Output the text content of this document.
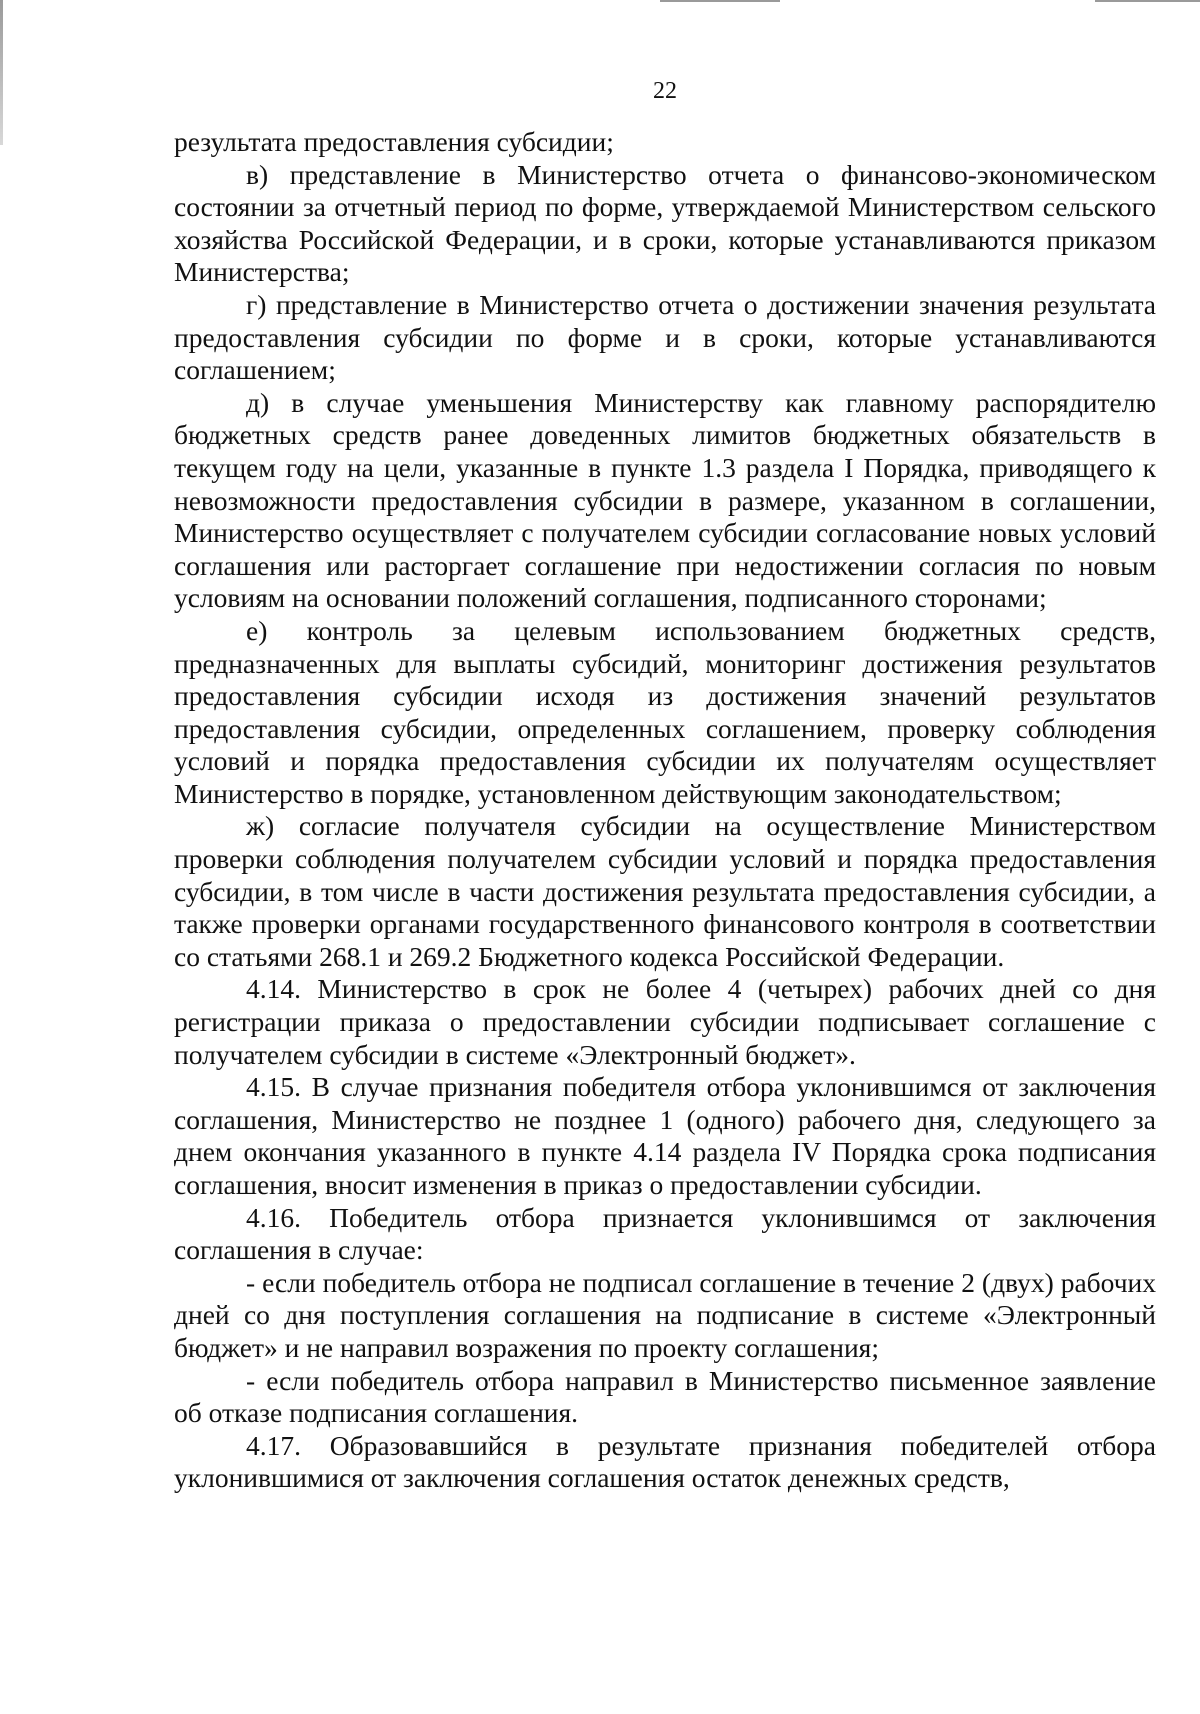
22

результата предоставления субсидии;

в) представление в Министерство отчета о финансово-экономическом состоянии за отчетный период по форме, утверждаемой Министерством сельского хозяйства Российской Федерации, и в сроки, которые устанавливаются приказом Министерства;

г) представление в Министерство отчета о достижении значения результата предоставления субсидии по форме и в сроки, которые устанавливаются соглашением;

д) в случае уменьшения Министерству как главному распорядителю бюджетных средств ранее доведенных лимитов бюджетных обязательств в текущем году на цели, указанные в пункте 1.3 раздела I Порядка, приводящего к невозможности предоставления субсидии в размере, указанном в соглашении, Министерство осуществляет с получателем субсидии согласование новых условий соглашения или расторгает соглашение при недостижении согласия по новым условиям на основании положений соглашения, подписанного сторонами;

е) контроль за целевым использованием бюджетных средств, предназначенных для выплаты субсидий, мониторинг достижения результатов предоставления субсидии исходя из достижения значений результатов предоставления субсидии, определенных соглашением, проверку соблюдения условий и порядка предоставления субсидии их получателям осуществляет Министерство в порядке, установленном действующим законодательством;

ж) согласие получателя субсидии на осуществление Министерством проверки соблюдения получателем субсидии условий и порядка предоставления субсидии, в том числе в части достижения результата предоставления субсидии, а также проверки органами государственного финансового контроля в соответствии со статьями 268.1 и 269.2 Бюджетного кодекса Российской Федерации.

4.14. Министерство в срок не более 4 (четырех) рабочих дней со дня регистрации приказа о предоставлении субсидии подписывает соглашение с получателем субсидии в системе «Электронный бюджет».

4.15. В случае признания победителя отбора уклонившимся от заключения соглашения, Министерство не позднее 1 (одного) рабочего дня, следующего за днем окончания указанного в пункте 4.14 раздела IV Порядка срока подписания соглашения, вносит изменения в приказ о предоставлении субсидии.

4.16. Победитель отбора признается уклонившимся от заключения соглашения в случае:

- если победитель отбора не подписал соглашение в течение 2 (двух) рабочих дней со дня поступления соглашения на подписание в системе «Электронный бюджет» и не направил возражения по проекту соглашения;

- если победитель отбора направил в Министерство письменное заявление об отказе подписания соглашения.

4.17. Образовавшийся в результате признания победителей отбора уклонившимися от заключения соглашения остаток денежных средств,
